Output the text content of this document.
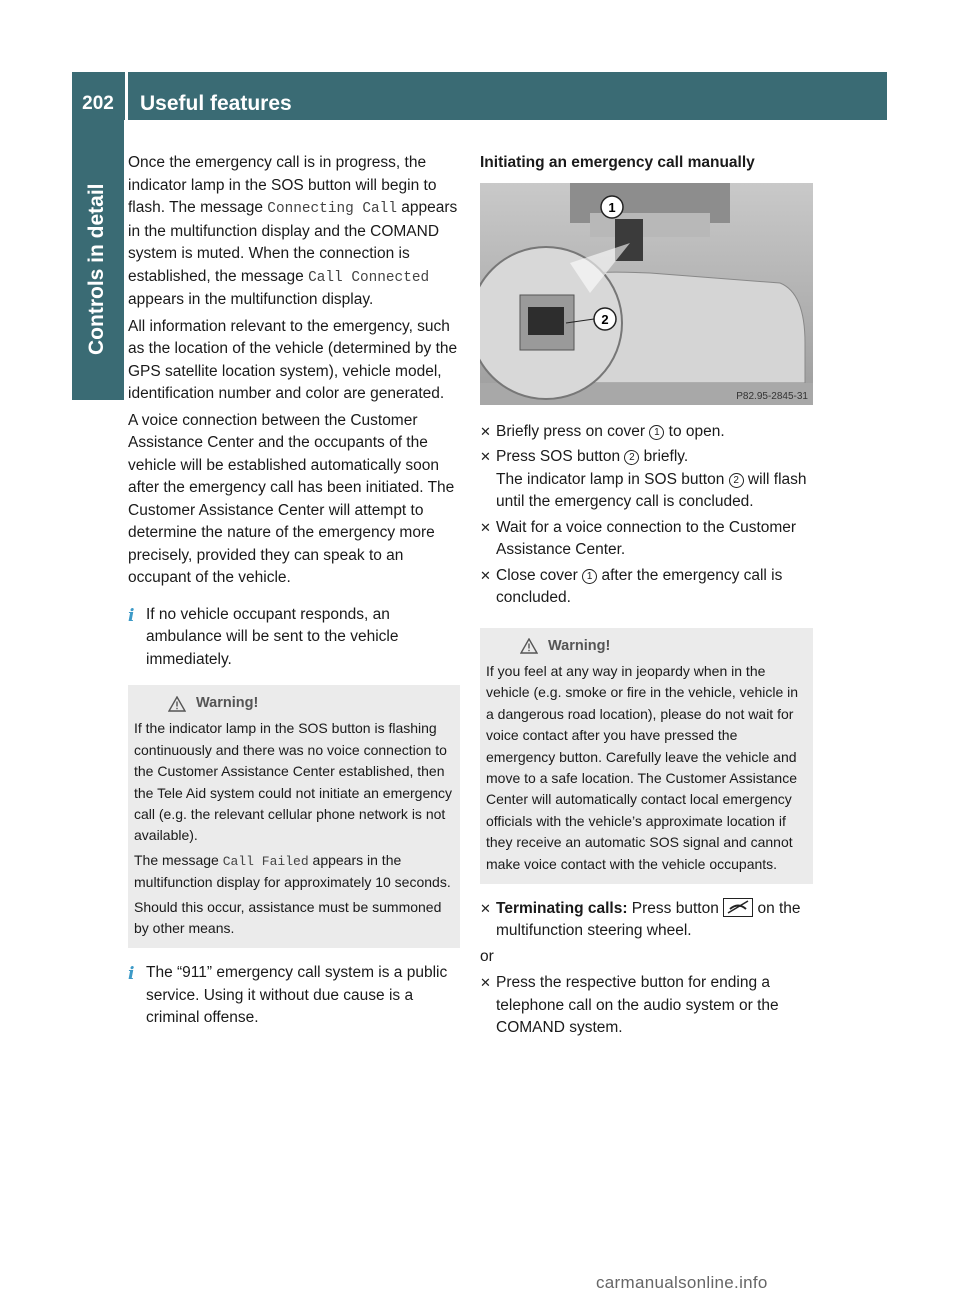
202	Useful features
Controls in detail

Once the emergency call is in progress, the indicator lamp in the SOS button will begin to flash. The message Connecting Call appears in the multifunction display and the COMAND system is muted. When the connection is established, the message Call Connected appears in the multifunction display.

All information relevant to the emergency, such as the location of the vehicle (determined by the GPS satellite location system), vehicle model, identification number and color are generated.

A voice connection between the Customer Assistance Center and the occupants of the vehicle will be established automatically soon after the emergency call has been initiated. The Customer Assistance Center will attempt to determine the nature of the emergency more precisely, provided they can speak to an occupant of the vehicle.

i If no vehicle occupant responds, an ambulance will be sent to the vehicle immediately.
Warning!

If the indicator lamp in the SOS button is flashing continuously and there was no voice connection to the Customer Assistance Center established, then the Tele Aid system could not initiate an emergency call (e.g. the relevant cellular phone network is not available).

The message Call Failed appears in the multifunction display for approximately 10 seconds.

Should this occur, assistance must be summoned by other means.

i The “911” emergency call system is a public service. Using it without due cause is a criminal offense.
Initiating an emergency call manually
1
2
P82.95-2845-31
✕ Briefly press on cover 1 to open.
✕ Press SOS button 2 briefly.
The indicator lamp in SOS button 2 will flash until the emergency call is concluded.
✕ Wait for a voice connection to the Customer Assistance Center.
✕ Close cover 1 after the emergency call is concluded.
Warning!

If you feel at any way in jeopardy when in the vehicle (e.g. smoke or fire in the vehicle, vehicle in a dangerous road location), please do not wait for voice contact after you have pressed the emergency button. Carefully leave the vehicle and move to a safe location. The Customer Assistance Center will automatically contact local emergency officials with the vehicle’s approximate location if they receive an automatic SOS signal and cannot make voice contact with the vehicle occupants.

✕ Terminating calls: Press button  on the multifunction steering wheel.

or

✕ Press the respective button for ending a telephone call on the audio system or the COMAND system.
carmanualsonline.info
